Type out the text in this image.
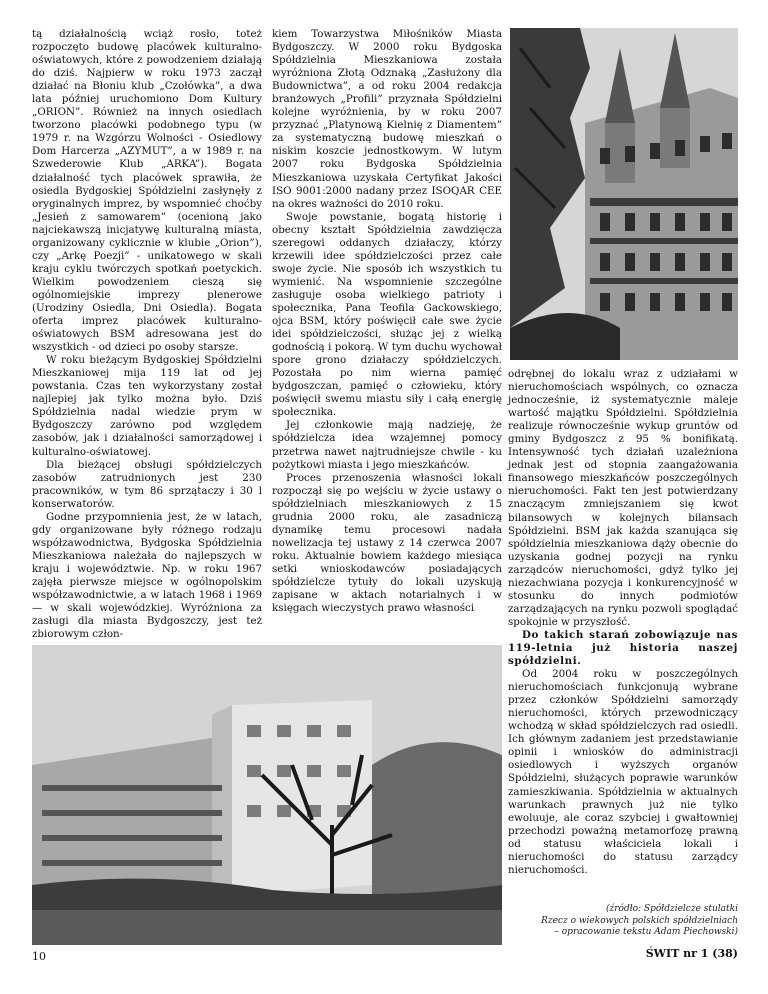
tą działalnością wciąż rosło, toteż rozpoczęto budowę placówek kulturalno-oświatowych, które z powodzeniem działają do dziś. Najpierw w roku 1973 zaczął działać na Błoniu klub „Czołówka”, a dwa lata później uruchomiono Dom Kultury „ORION”. Również na innych osiedlach tworzono placówki podobnego typu (w 1979 r. na Wzgórzu Wolności - Osiedlowy Dom Harcerza „AZYMUT”, a w 1989 r. na Szwederowie Klub „ARKA”). Bogata działalność tych placówek sprawiła, że osiedla Bydgoskiej Spółdzielni zasłynęły z oryginalnych imprez, by wspomnieć choćby „Jesień z samowarem” (ocenioną jako najciekawszą inicjatywę kulturalną miasta, organizowany cyklicznie w klubie „Orion”), czy „Arkę Poezji” - unikatowego w skali kraju cyklu twórczych spotkań poetyckich. Wielkim powodzeniem cieszą się ogólnomiejskie imprezy plenerowe (Urodziny Osiedla, Dni Osiedla). Bogata oferta imprez placówek kulturalno-oświatowych BSM adresowana jest do wszystkich - od dzieci po osoby starsze.

W roku bieżącym Bydgoskiej Spółdzielni Mieszkaniowej mija 119 lat od jej powstania. Czas ten wykorzystany został najlepiej jak tylko można było. Dziś Spółdzielnia nadal wiedzie prym w Bydgoszczy zarówno pod względem zasobów, jak i działalności samorządowej i kulturalno-oświatowej.

Dla bieżącej obsługi spółdzielczych zasobów zatrudnionych jest 230 pracowników, w tym 86 sprzątaczy i 30 l konserwatorów.

Godne przypomnienia jest, że w latach, gdy organizowane były różnego rodzaju współzawodnictwa, Bydgoska Spółdzielnia Mieszkaniowa należała do najlepszych w kraju i województwie. Np. w roku 1967 zajęła pierwsze miejsce w ogólnopolskim współzawodnictwie, a w latach 1968 i 1969 — w skali wojewódzkiej. Wyróżniona za zasługi dla miasta Bydgoszczy, jest też zbiorowym człon-

kiem Towarzystwa Miłośników Miasta Bydgoszczy. W 2000 roku Bydgoska Spółdzielnia Mieszkaniowa została wyróżniona Złotą Odznaką „Zasłużony dla Budownictwa”, a od roku 2004 redakcja branżowych „Profili” przyznała Spółdzielni kolejne wyróżnienia, by w roku 2007 przyznać „Platynową Kielnię z Diamentem” za systematyczną budowę mieszkań o niskim koszcie jednostkowym. W lutym 2007 roku Bydgoska Spółdzielnia Mieszkaniowa uzyskała Certyfikat Jakości ISO 9001:2000 nadany przez ISOQAR CEE na okres ważności do 2010 roku.

Swoje powstanie, bogatą historię i obecny kształt Spółdzielnia zawdzięcza szeregowi oddanych działaczy, którzy krzewili idee spółdzielczości przez całe swoje życie. Nie sposób ich wszystkich tu wymienić. Na wspomnienie szczególne zasługuje osoba wielkiego patrioty i społecznika, Pana Teofila Gackowskiego, ojca BSM, który poświęcił całe swe życie idei spółdzielczości, służąc jej z wielką godnością i pokorą. W tym duchu wychował spore grono działaczy spółdzielczych. Pozostała po nim wierna pamięć bydgoszczan, pamięć o człowieku, który poświęcił swemu miastu siły i całą energię społecznika.

Jej członkowie mają nadzieję, że spółdzielcza idea wzajemnej pomocy przetrwa nawet najtrudniejsze chwile - ku pożytkowi miasta i jego mieszkańców.

Proces przenoszenia własności lokali rozpoczął się po wejściu w życie ustawy o spółdzielniach mieszkaniowych z 15 grudnia 2000 roku, ale zasadniczą dynamikę temu procesowi nadała nowelizacja tej ustawy z 14 czerwca 2007 roku. Aktualnie bowiem każdego miesiąca setki wnioskodawców posiadających spółdzielcze tytuły do lokali uzyskują zapisane w aktach notarialnych i w księgach wieczystych prawo własności

odrębnej do lokalu wraz z udziałami w nieruchomościach wspólnych, co oznacza jednocześnie, iż systematycznie maleje wartość majątku Spółdzielni. Spółdzielnia realizuje równocześnie wykup gruntów od gminy Bydgoszcz z 95 % bonifikatą. Intensywność tych działań uzależniona jednak jest od stopnia zaangażowania finansowego mieszkańców poszczególnych nieruchomości. Fakt ten jest potwierdzany znaczącym zmniejszaniem się kwot bilansowych w kolejnych bilansach Spółdzielni. BSM jak każda szanująca się spółdzielnia mieszkaniowa dąży obecnie do uzyskania godnej pozycji na rynku zarządców nieruchomości, gdyż tylko jej niezachwiana pozycja i konkurencyjność w stosunku do innych podmiotów zarządzających na rynku pozwoli spoglądać spokojnie w przyszłość.

Do takich starań zobowiązuje nas 119-letnia już historia naszej spółdzielni.

Od 2004 roku w poszczególnych nieruchomościach funkcjonują wybrane przez członków Spółdzielni samorządy nieruchomości, których przewodniczący wchodzą w skład spółdzielczych rad osiedli. Ich głównym zadaniem jest przedstawianie opinii i wniosków do administracji osiedlowych i wyższych organów Spółdzielni, służących poprawie warunków zamieszkiwania. Spółdzielnia w aktualnych warunkach prawnych już nie tylko ewoluuje, ale coraz szybciej i gwałtowniej przechodzi poważną metamorfozę prawną od statusu właściciela lokali i nieruchomości do statusu zarządcy nieruchomości.

(źródło: Spółdzielcze stulatki
Rzecz o wiekowych polskich spółdzielniach
– opracowanie tekstu Adam Piechowski)
10	ŚWIT nr 1 (38)
